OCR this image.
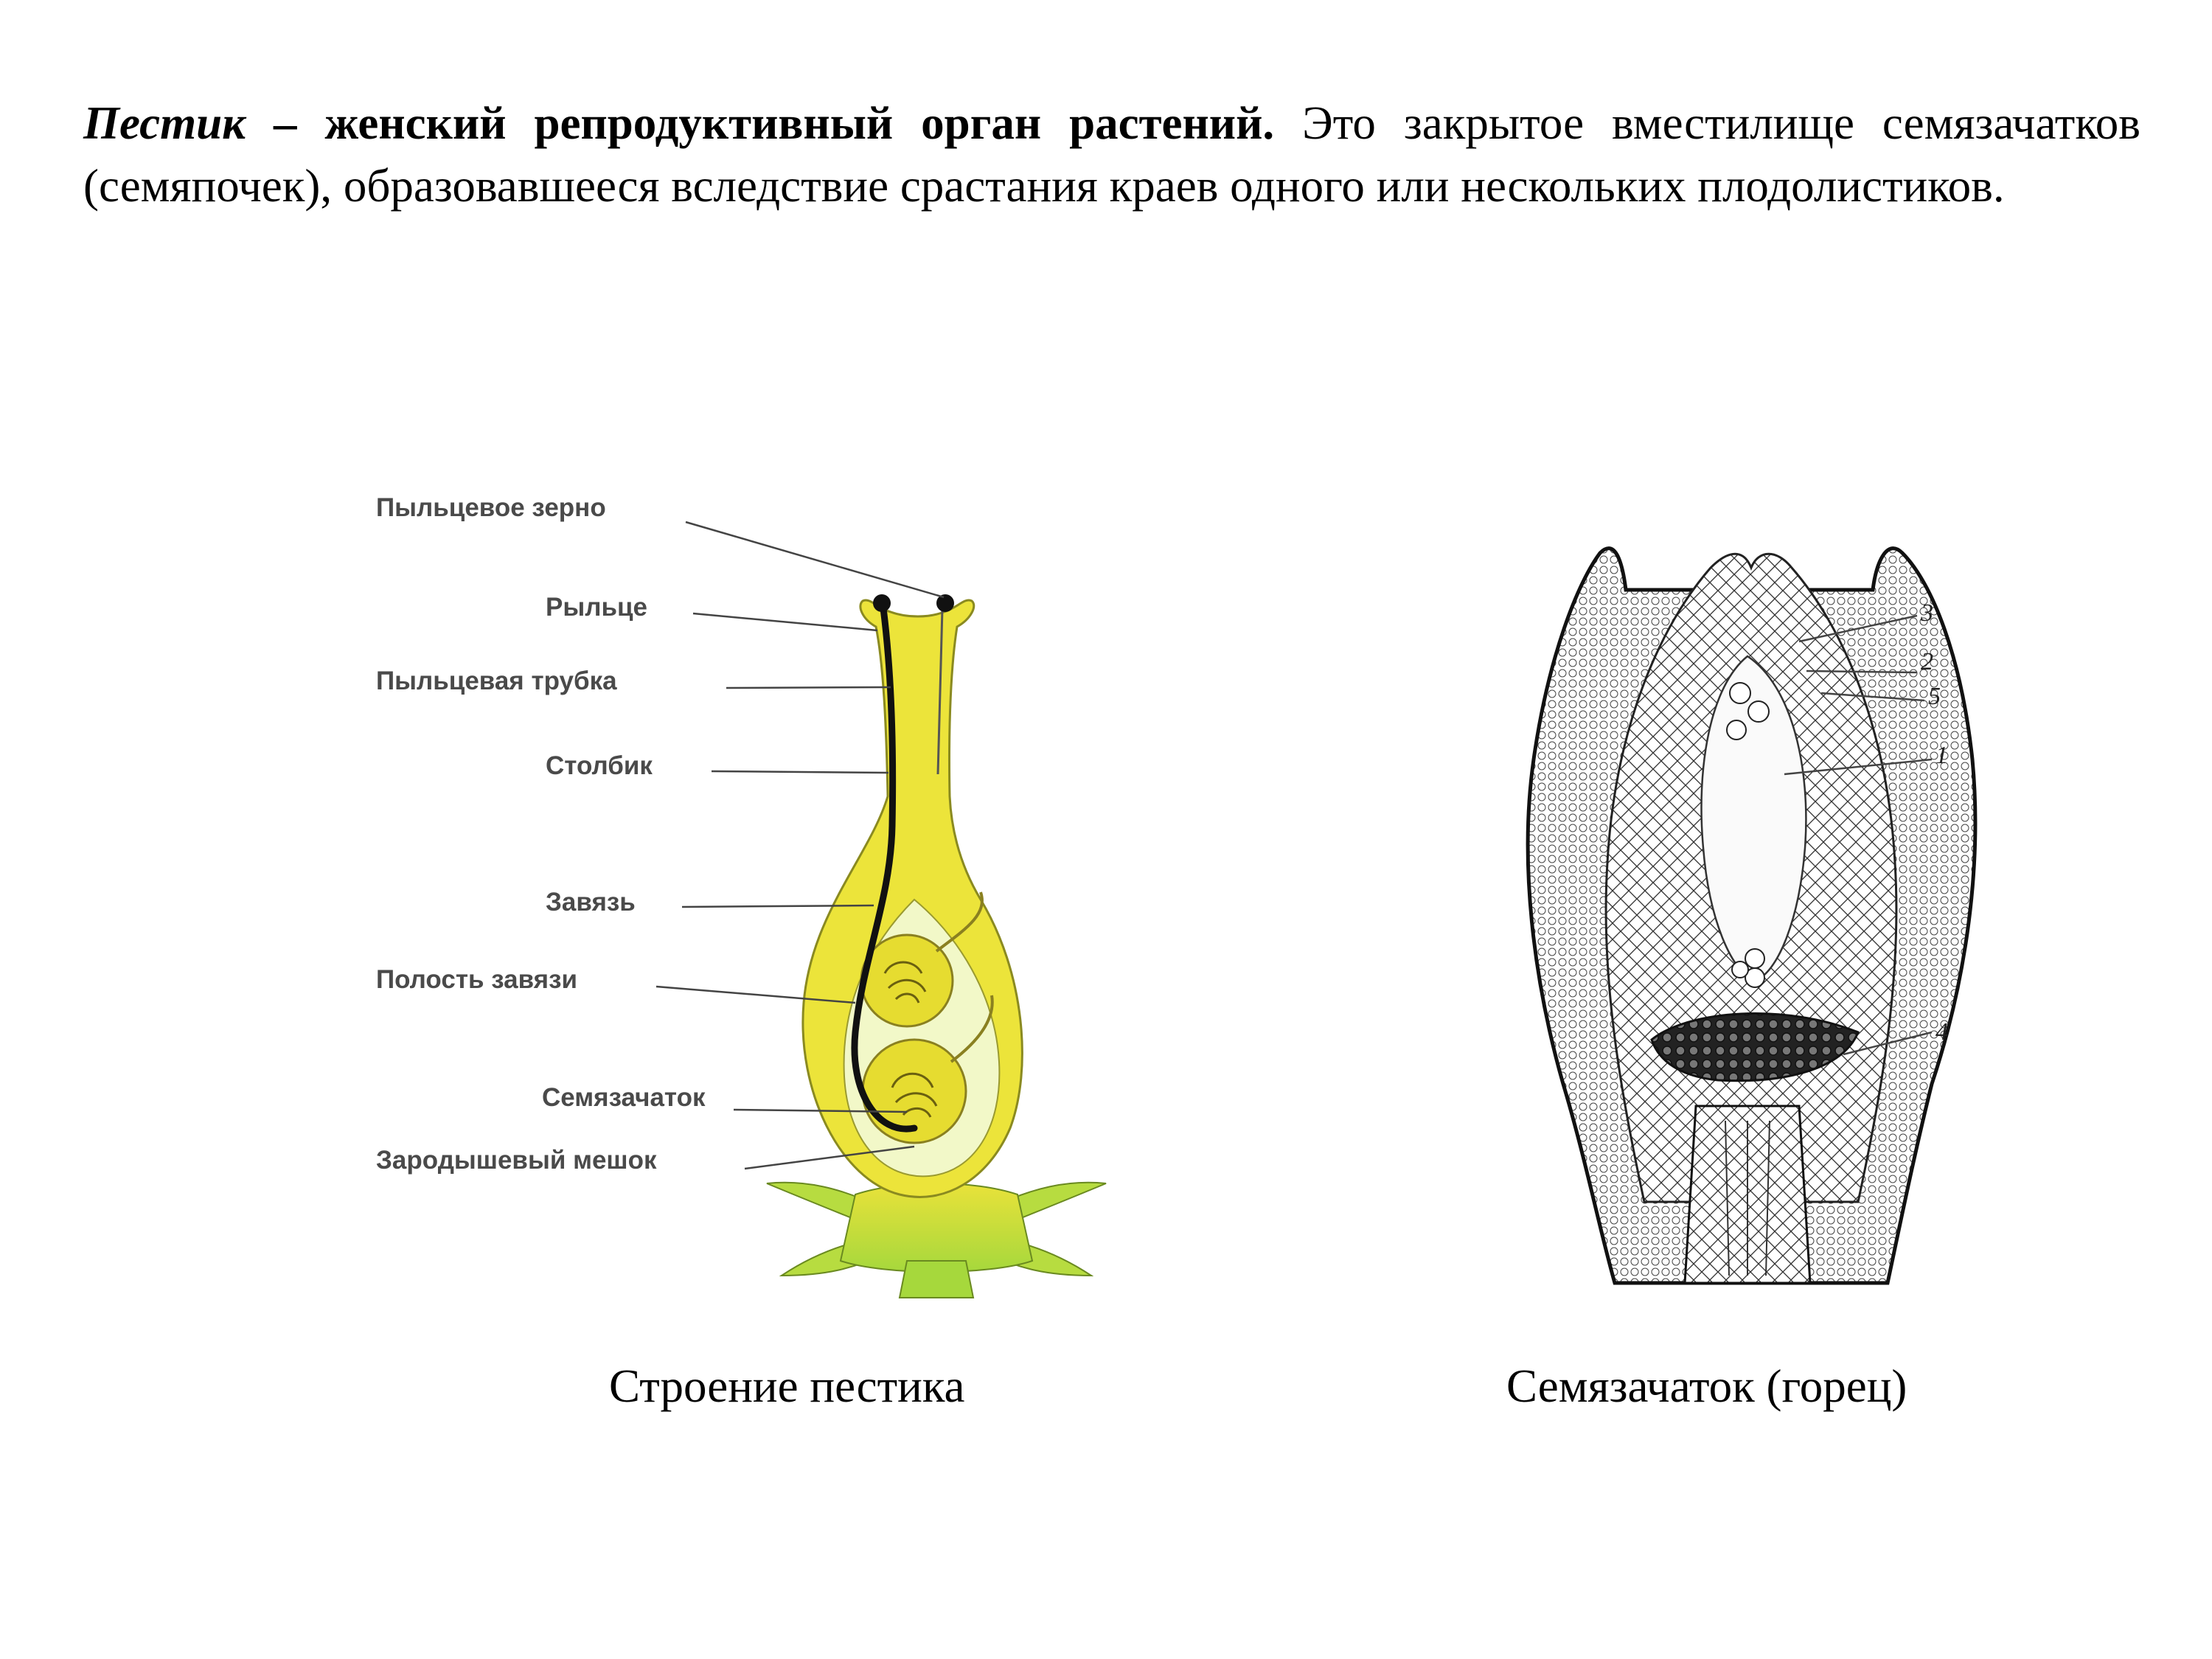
Пестик – женский репродуктивный орган растений. Это закрытое вместилище семязачатков (семяпочек), образовавшееся вследствие срастания краев одного или нескольких плодолистиков.

Пыльцевое зерно
Рыльце
Пыльцевая трубка
Столбик
Завязь
Полость завязи
Семязачаток
Зародышевый мешок
3
2
5
1
4
Строение пестика	Семязачаток (горец)
